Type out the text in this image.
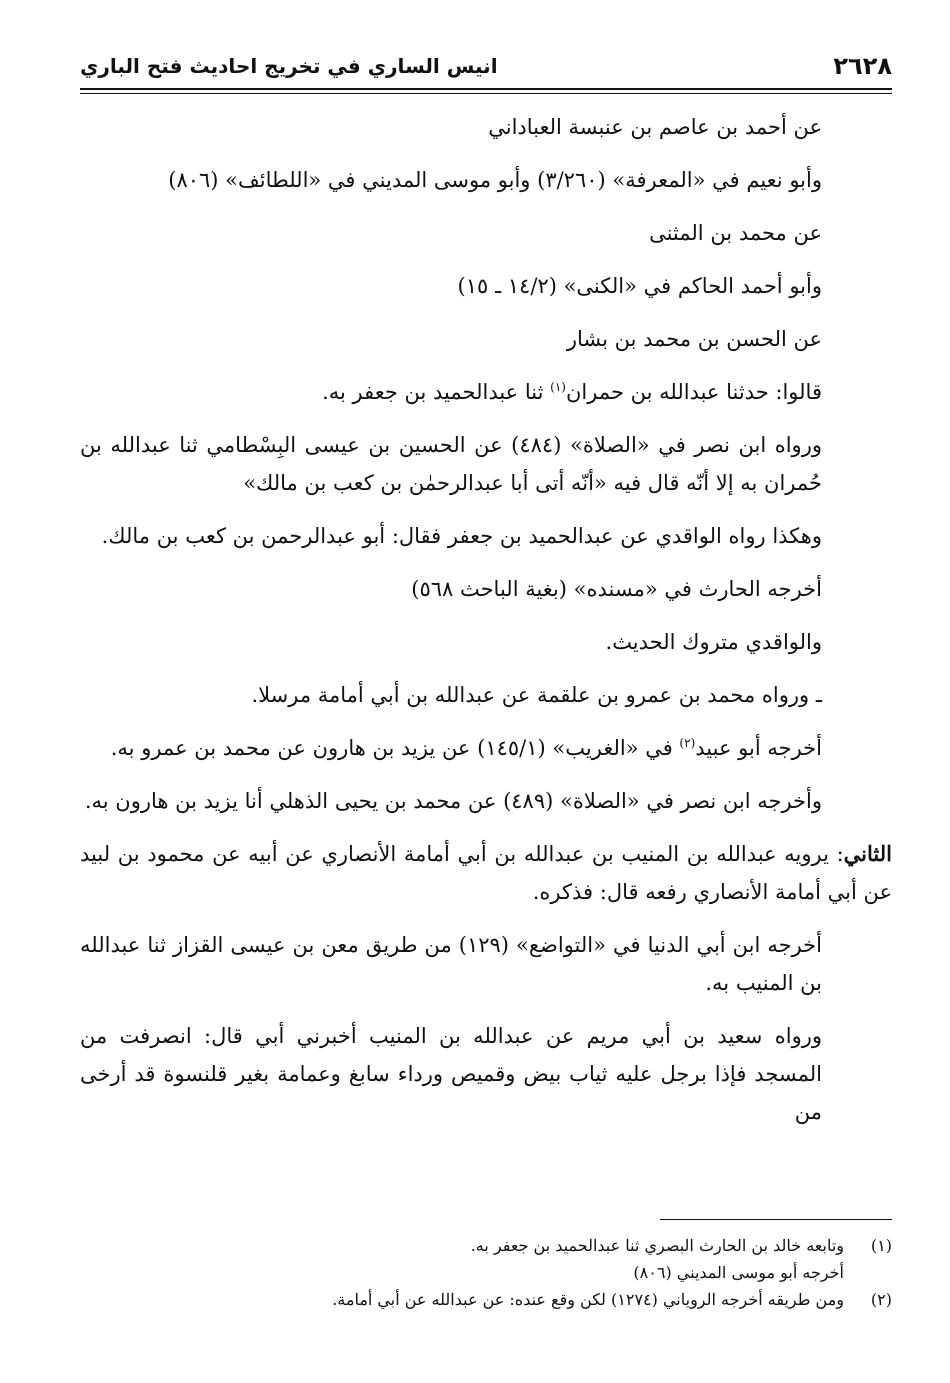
٢٦٢٨
انيس الساري في تخريج احاديث فتح الباري

عن أحمد بن عاصم بن عنبسة العباداني

وأبو نعيم في «المعرفة» (٣/٢٦٠) وأبو موسى المديني في «اللطائف» (٨٠٦)

عن محمد بن المثنى

وأبو أحمد الحاكم في «الكنى» (١٤/٢ ـ ١٥)

عن الحسن بن محمد بن بشار

قالوا: حدثنا عبدالله بن حمران$^{(١)}$ ثنا عبدالحميد بن جعفر به.

ورواه ابن نصر في «الصلاة» (٤٨٤) عن الحسين بن عيسى البِسْطامي ثنا عبدالله بن حُمران به إلا أنّه قال فيه «أنّه أتى أبا عبدالرحمٰن بن كعب بن مالك»

وهكذا رواه الواقدي عن عبدالحميد بن جعفر فقال: أبو عبدالرحمن بن كعب بن مالك.

أخرجه الحارث في «مسنده» (بغية الباحث ٥٦٨)

والواقدي متروك الحديث.

ـ ورواه محمد بن عمرو بن علقمة عن عبدالله بن أبي أمامة مرسلا.

أخرجه أبو عبيد$^{(٢)}$ في «الغريب» (١٤٥/١) عن يزيد بن هارون عن محمد بن عمرو به.

وأخرجه ابن نصر في «الصلاة» (٤٨٩) عن محمد بن يحيى الذهلي أنا يزيد بن هارون به.

الثاني: يرويه عبدالله بن المنيب بن عبدالله بن أبي أمامة الأنصاري عن أبيه عن محمود بن لبيد عن أبي أمامة الأنصاري رفعه قال: فذكره.

أخرجه ابن أبي الدنيا في «التواضع» (١٢٩) من طريق معن بن عيسى القزاز ثنا عبدالله بن المنيب به.

ورواه سعيد بن أبي مريم عن عبدالله بن المنيب أخبرني أبي قال: انصرفت من المسجد فإذا برجل عليه ثياب بيض وقميص ورداء سابغ وعمامة بغير قلنسوة قد أرخى من

(١)وتابعه خالد بن الحارث البصري ثنا عبدالحميد بن جعفر به.
أخرجه أبو موسى المديني (٨٠٦)
(٢)ومن طريقه أخرجه الروياني (١٢٧٤) لكن وقع عنده: عن عبدالله عن أبي أمامة.
